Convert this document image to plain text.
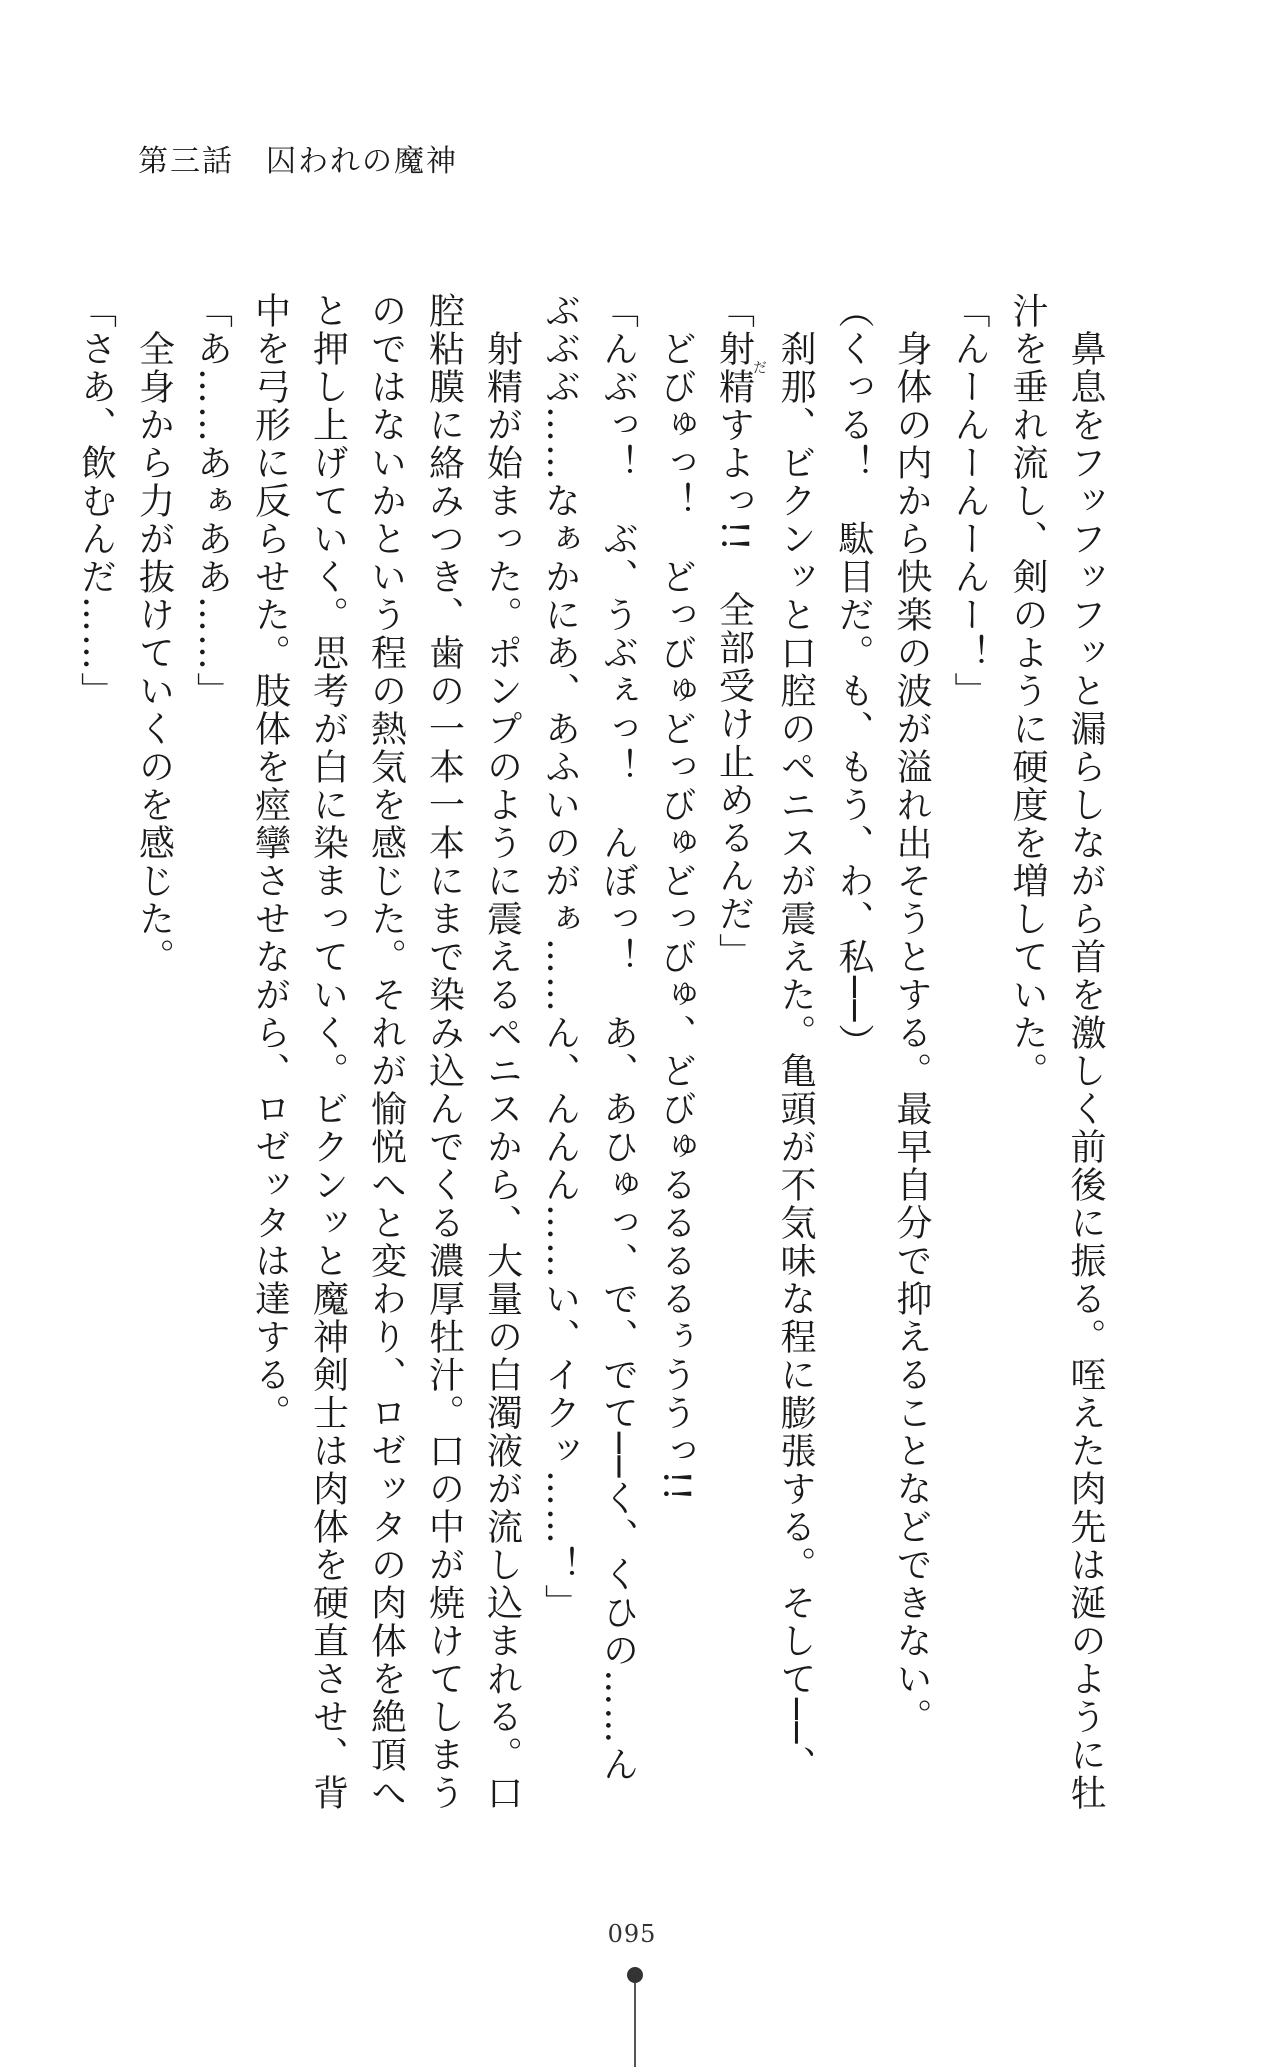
第三話　囚われの魔神
　鼻息をフッフッフッと漏らしながら首を激しく前後に振る。咥えた肉先は涎のように牡
汁を垂れ流し、剣のように硬度を増していた。
「んーんーんーんー！」
　身体の内から快楽の波が溢れ出そうとする。最早自分で抑えることなどできない。
（くっる！　駄目だ。も、もう、わ、私──）
　刹那、ビクンッと口腔のペニスが震えた。亀頭が不気味な程に膨張する。そして──、
「射精だすよっ!!　全部受け止めるんだ」
　どびゅっ！　どっびゅどっびゅどっびゅ、どびゅるるるるぅううっ!!
「んぶっ！　ぶ、うぶぇっ！　んぼっ！　あ、あひゅっ、で、でて──く、くひの……ん
ぶぶぶ……なぁかにあ、あふいのがぁ……ん、んんん……い、イクッ……！」
　射精が始まった。ポンプのように震えるペニスから、大量の白濁液が流し込まれる。口
腔粘膜に絡みつき、歯の一本一本にまで染み込んでくる濃厚牡汁。口の中が焼けてしまう
のではないかという程の熱気を感じた。それが愉悦へと変わり、ロゼッタの肉体を絶頂へ
と押し上げていく。思考が白に染まっていく。ビクンッと魔神剣士は肉体を硬直させ、背
中を弓形に反らせた。肢体を痙攣させながら、ロゼッタは達する。
「あ……あぁああ……」
　全身から力が抜けていくのを感じた。
「さあ、飲むんだ……」
095
